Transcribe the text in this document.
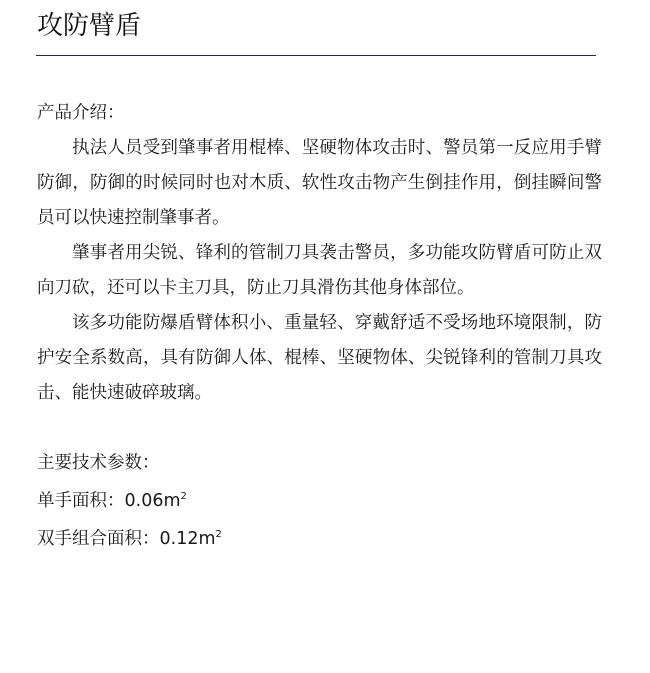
攻防臂盾
产品介绍：

执法人员受到肇事者用棍棒、坚硬物体攻击时、警员第一反应用手臂防御，防御的时候同时也对木质、软性攻击物产生倒挂作用，倒挂瞬间警员可以快速控制肇事者。

肇事者用尖锐、锋利的管制刀具袭击警员，多功能攻防臂盾可防止双向刀砍，还可以卡主刀具，防止刀具滑伤其他身体部位。

该多功能防爆盾臂体积小、重量轻、穿戴舒适不受场地环境限制，防护安全系数高，具有防御人体、棍棒、坚硬物体、尖锐锋利的管制刀具攻击、能快速破碎玻璃。

主要技术参数：
单手面积：$0.06m^2$
双手组合面积：$0.12m^2$
